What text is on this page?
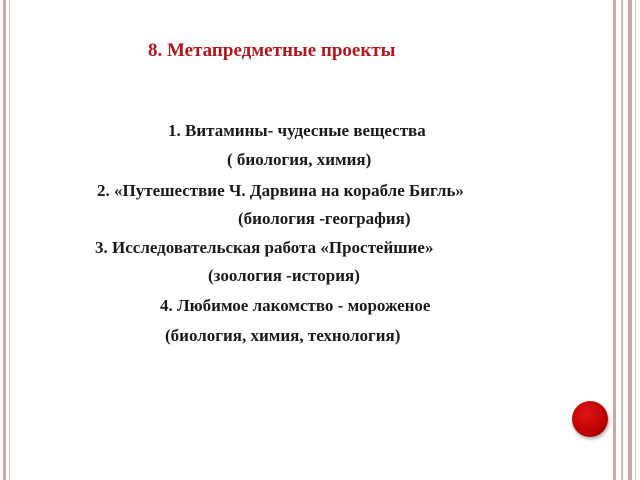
8. Метапредметные проекты
1. Витамины- чудесные вещества
( биология, химия)
2. «Путешествие Ч. Дарвина на корабле Бигль»
(биология -география)
3. Исследовательская работа «Простейшие»
(зоология -история)
4. Любимое лакомство - мороженое
(биология, химия, технология)
